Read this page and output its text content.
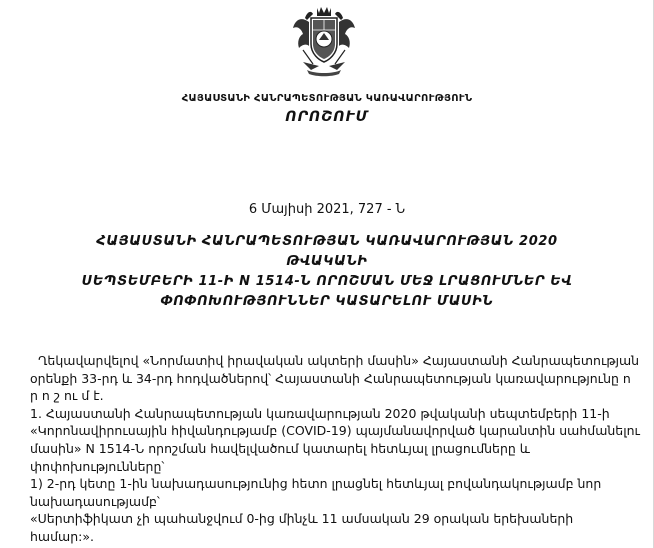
ՀԱՅԱՍՏԱՆԻ ՀԱՆՐԱՊԵՏՈՒԹՅԱՆ ԿԱՌԱՎԱՐՈՒԹՅՈՒՆ
ՈՐՈՇՈՒՄ
6 Մայիսի 2021, 727 - Ն
ՀԱՅԱՍՏԱՆԻ ՀԱՆՐԱՊԵՏՈՒԹՅԱՆ ԿԱՌԱՎԱՐՈՒԹՅԱՆ 2020 ԹՎԱԿԱՆԻ
ՍԵՊՏԵՄԲԵՐԻ 11-Ի N 1514-Ն ՈՐՈՇՄԱՆ ՄԵՋ ԼՐԱՑՈՒՄՆԵՐ ԵՎ
ՓՈՓՈԽՈՒԹՅՈՒՆՆԵՐ ԿԱՏԱՐԵԼՈՒ ՄԱՍԻՆ

Ղեկավարվելով «Նորմատիվ իրավական ակտերի մասին» Հայաստանի Հանրապետության օրենքի 33-րդ և 34-րդ հոդվածներով՝ Հայաստանի Հանրապետության կառավարությունը ո ր ո շ ու մ է.

1. Հայաստանի Հանրապետության կառավարության 2020 թվականի սեպտեմբերի 11-ի «Կորոնավիրուսային հիվանդությամբ (COVID-19) պայմանավորված կարանտին սահմանելու մասին» N 1514-Ն որոշման հավելվածում կատարել հետևյալ լրացումները և փոփոխությունները՝

1) 2-րդ կետը 1-ին նախադասությունից հետո լրացնել հետևյալ բովանդակությամբ նոր նախադասությամբ՝

«Սերտիֆիկատ չի պահանջվում 0-ից մինչև 11 ամսական 29 օրական երեխաների համար:».
